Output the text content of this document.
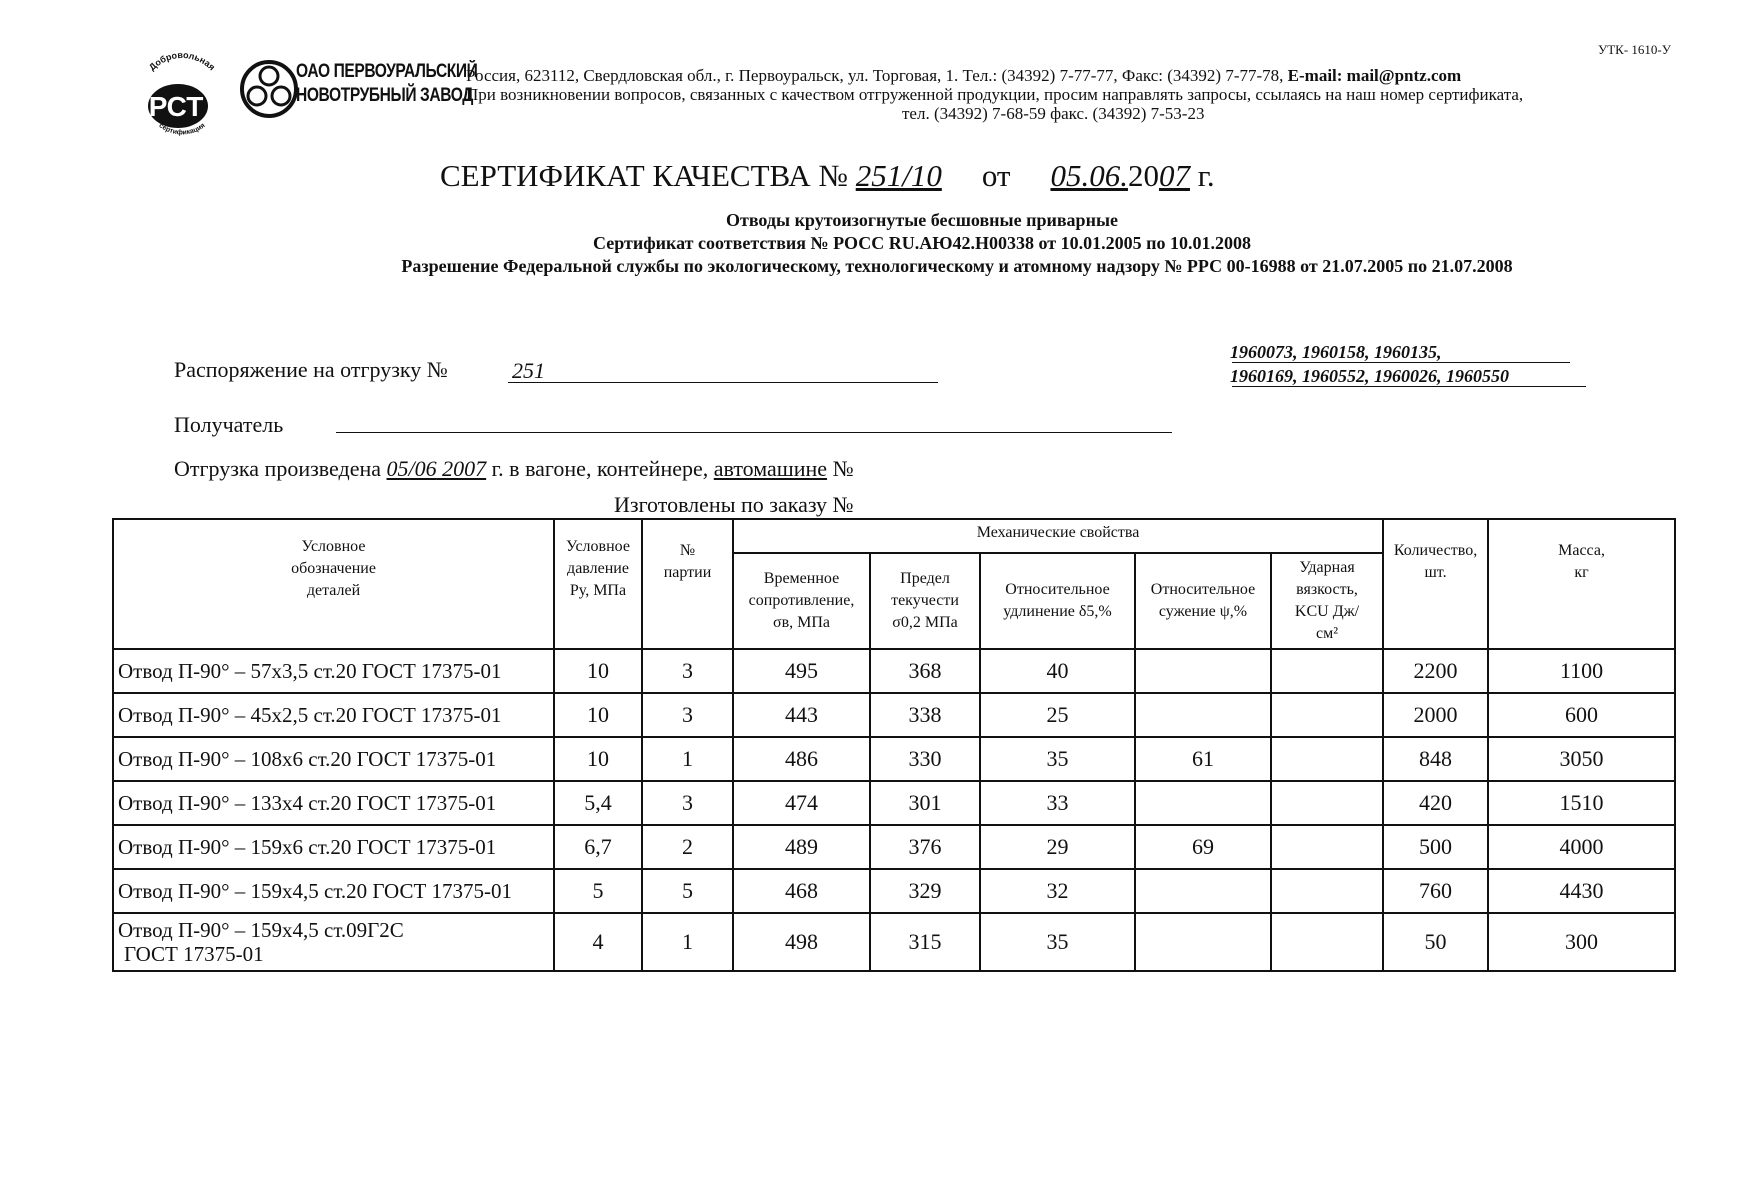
УТК- 1610-У
Добровольная
РСТ
сертификация
ОАО ПЕРВОУРАЛЬСКИЙ
НОВОТРУБНЫЙ ЗАВОД
Россия, 623112, Свердловская обл., г. Первоуральск, ул. Торговая, 1. Тел.: (34392) 7-77-77, Факс: (34392) 7-77-78, E-mail: mail@pntz.com
При возникновении вопросов, связанных с качеством отгруженной продукции, просим направлять запросы, ссылаясь на наш номер сертификата,
тел. (34392) 7-68-59 факс. (34392) 7-53-23
СЕРТИФИКАТ КАЧЕСТВА № 251/10 от 05.06.2007 г.
Отводы крутоизогнутые бесшовные приварные
Сертификат соответствия № РОСС RU.АЮ42.Н00338 от 10.01.2005 по 10.01.2008
Разрешение Федеральной службы по экологическому, технологическому и атомному надзору № РРС 00-16988 от 21.07.2005 по 21.07.2008
Распоряжение на отгрузку №	251
1960073, 1960158, 1960135,
1960169, 1960552, 1960026, 1960550
Получатель
Отгрузка произведена 05/06 2007 г. в вагоне, контейнере, автомашине №
Изготовлены по заказу №
Условное обозначение деталей	Условное давление Ру, МПа	№ партии	Механические свойства					Количество, шт.	Масса, кг

			Временное сопротивление, σв, МПа	Предел текучести σ0,2 МПа	Относительное удлинение δ5,%	Относительное сужение ψ,%	Ударная вязкость, KCU Дж/см²		

Отвод П-90° – 57х3,5 ст.20 ГОСТ 17375-01	10	3	495	368	40			2200	1100
Отвод П-90° – 45х2,5 ст.20 ГОСТ 17375-01	10	3	443	338	25			2000	600
Отвод П-90° – 108х6 ст.20 ГОСТ 17375-01	10	1	486	330	35	61		848	3050
Отвод П-90° – 133х4 ст.20 ГОСТ 17375-01	5,4	3	474	301	33			420	1510
Отвод П-90° – 159х6 ст.20 ГОСТ 17375-01	6,7	2	489	376	29	69		500	4000
Отвод П-90° – 159х4,5 ст.20 ГОСТ 17375-01	5	5	468	329	32			760	4430

Отвод П-90° – 159х4,5 ст.09Г2С
ГОСТ 17375-01	4	1	498	315	35			50	300
